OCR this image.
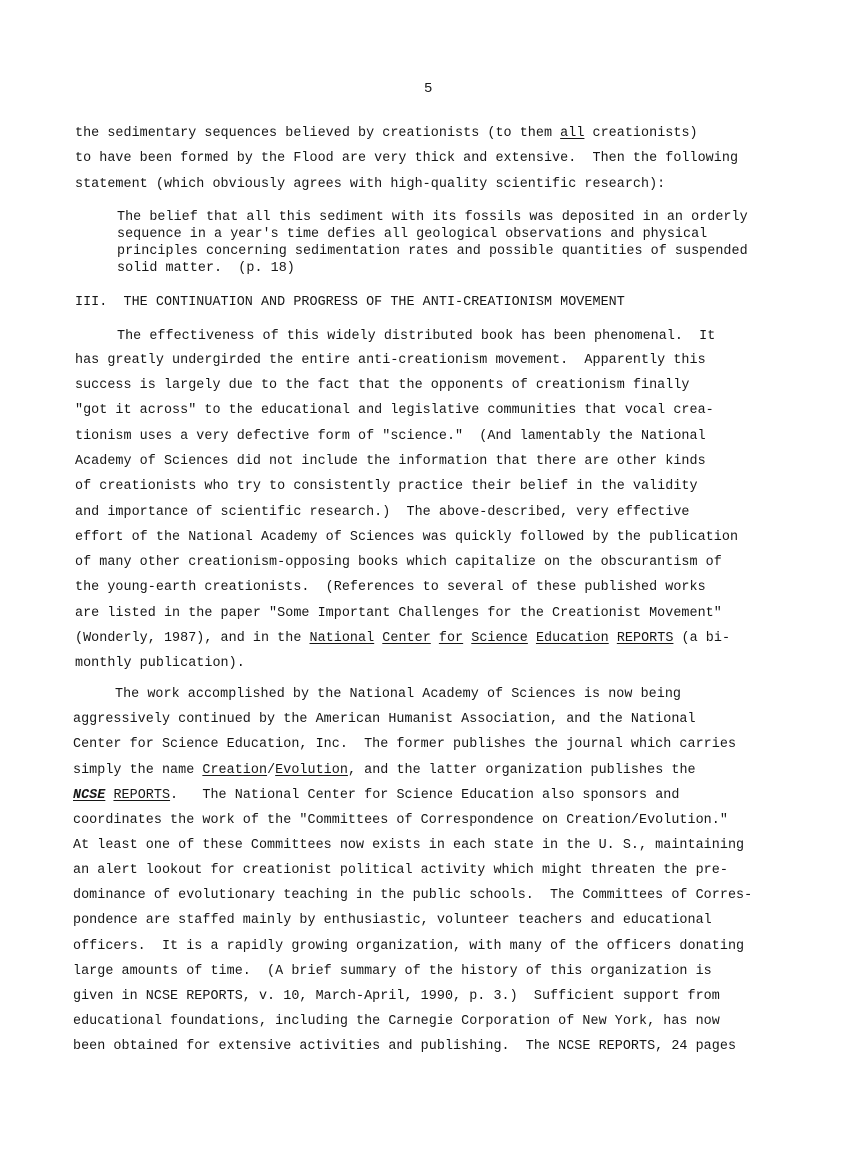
5
the sedimentary sequences believed by creationists (to them all creationists)
to have been formed by the Flood are very thick and extensive.  Then the following
statement (which obviously agrees with high-quality scientific research):
The belief that all this sediment with its fossils was deposited in an orderly
sequence in a year's time defies all geological observations and physical
principles concerning sedimentation rates and possible quantities of suspended
solid matter.  (p. 18)
III.  THE CONTINUATION AND PROGRESS OF THE ANTI-CREATIONISM MOVEMENT
The effectiveness of this widely distributed book has been phenomenal.  It
has greatly undergirded the entire anti-creationism movement.  Apparently this
success is largely due to the fact that the opponents of creationism finally
"got it across" to the educational and legislative communities that vocal crea-
tionism uses a very defective form of "science."  (And lamentably the National
Academy of Sciences did not include the information that there are other kinds
of creationists who try to consistently practice their belief in the validity
and importance of scientific research.)  The above-described, very effective
effort of the National Academy of Sciences was quickly followed by the publication
of many other creationism-opposing books which capitalize on the obscurantism of
the young-earth creationists.  (References to several of these published works
are listed in the paper "Some Important Challenges for the Creationist Movement"
(Wonderly, 1987), and in the National Center for Science Education REPORTS (a bi-
monthly publication).
The work accomplished by the National Academy of Sciences is now being
aggressively continued by the American Humanist Association, and the National
Center for Science Education, Inc.  The former publishes the journal which carries
simply the name Creation/Evolution, and the latter organization publishes the
NCSE REPORTS.   The National Center for Science Education also sponsors and
coordinates the work of the "Committees of Correspondence on Creation/Evolution."
At least one of these Committees now exists in each state in the U. S., maintaining
an alert lookout for creationist political activity which might threaten the pre-
dominance of evolutionary teaching in the public schools.  The Committees of Corres-
pondence are staffed mainly by enthusiastic, volunteer teachers and educational
officers.  It is a rapidly growing organization, with many of the officers donating
large amounts of time.  (A brief summary of the history of this organization is
given in NCSE REPORTS, v. 10, March-April, 1990, p. 3.)  Sufficient support from
educational foundations, including the Carnegie Corporation of New York, has now
been obtained for extensive activities and publishing.  The NCSE REPORTS, 24 pages
